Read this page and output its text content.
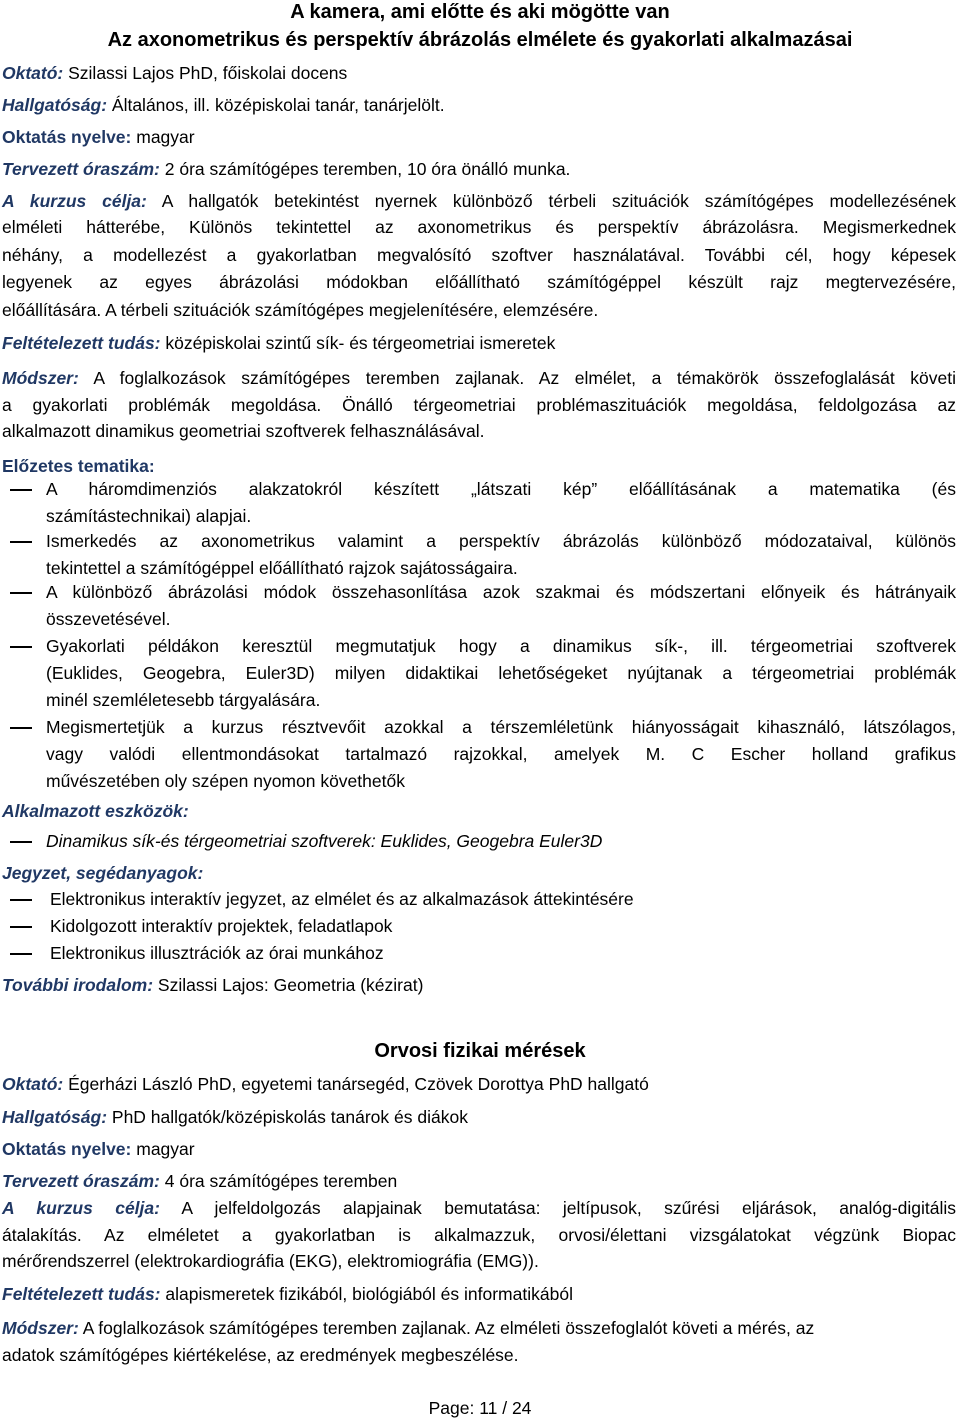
A kamera, ami előtte és aki mögötte van
Az axonometrikus és perspektív ábrázolás elmélete és gyakorlati alkalmazásai
Oktató: Szilassi Lajos PhD, főiskolai docens
Hallgatóság: Általános, ill. középiskolai tanár, tanárjelölt.
Oktatás nyelve: magyar
Tervezett óraszám: 2 óra számítógépes teremben, 10 óra önálló munka.
A kurzus célja: A hallgatók betekintést nyernek különböző térbeli szituációk számítógépes modellezésének
elméleti hátterébe, Különös tekintettel az axonometrikus és perspektív ábrázolásra. Megismerkednek
néhány, a modellezést a gyakorlatban megvalósító szoftver használatával. További cél, hogy képesek
legyenek az egyes ábrázolási módokban előállítható számítógéppel készült rajz megtervezésére,
előállítására. A térbeli szituációk számítógépes megjelenítésére, elemzésére.
Feltételezett tudás: középiskolai szintű sík- és térgeometriai ismeretek
Módszer: A foglalkozások számítógépes teremben zajlanak. Az elmélet, a témakörök összefoglalását követi
a gyakorlati problémák megoldása. Önálló térgeometriai problémaszituációk megoldása, feldolgozása az
alkalmazott dinamikus geometriai szoftverek felhasználásával.
Előzetes tematika:
A háromdimenziós alakzatokról készített „látszati kép” előállításának a matematika (és
számítástechnikai) alapjai.
Ismerkedés az axonometrikus valamint a perspektív ábrázolás különböző módozataival, különös
tekintettel a számítógéppel előállítható rajzok sajátosságaira.
A különböző ábrázolási módok összehasonlítása azok szakmai és módszertani előnyeik és hátrányaik
összevetésével.
Gyakorlati példákon keresztül megmutatjuk hogy a dinamikus sík-, ill. térgeometriai szoftverek
(Euklides, Geogebra, Euler3D) milyen didaktikai lehetőségeket nyújtanak a térgeometriai problémák
minél szemléletesebb tárgyalására.
Megismertetjük a kurzus résztvevőit azokkal a térszemléletünk hiányosságait kihasználó, látszólagos,
vagy valódi ellentmondásokat tartalmazó rajzokkal, amelyek M. C Escher holland grafikus
művészetében oly szépen nyomon követhetők
Alkalmazott eszközök:
Dinamikus sík-és térgeometriai szoftverek: Euklides, Geogebra Euler3D
Jegyzet, segédanyagok:
Elektronikus interaktív jegyzet, az elmélet és az alkalmazások áttekintésére
Kidolgozott interaktív projektek, feladatlapok
Elektronikus illusztrációk az órai munkához
További irodalom: Szilassi Lajos: Geometria (kézirat)
Orvosi fizikai mérések
Oktató: Égerházi László PhD, egyetemi tanársegéd, Czövek Dorottya PhD hallgató
Hallgatóság: PhD hallgatók/középiskolás tanárok és diákok
Oktatás nyelve: magyar
Tervezett óraszám: 4 óra számítógépes teremben
A kurzus célja: A jelfeldolgozás alapjainak bemutatása: jeltípusok, szűrési eljárások, analóg-digitális
átalakítás. Az elméletet a gyakorlatban is alkalmazzuk, orvosi/élettani vizsgálatokat végzünk Biopac
mérőrendszerrel (elektrokardiográfia (EKG), elektromiográfia (EMG)).
Feltételezett tudás: alapismeretek fizikából, biológiából és informatikából
Módszer: A foglalkozások számítógépes teremben zajlanak. Az elméleti összefoglalót követi a mérés, az
adatok számítógépes kiértékelése, az eredmények megbeszélése.
Page: 11 / 24
